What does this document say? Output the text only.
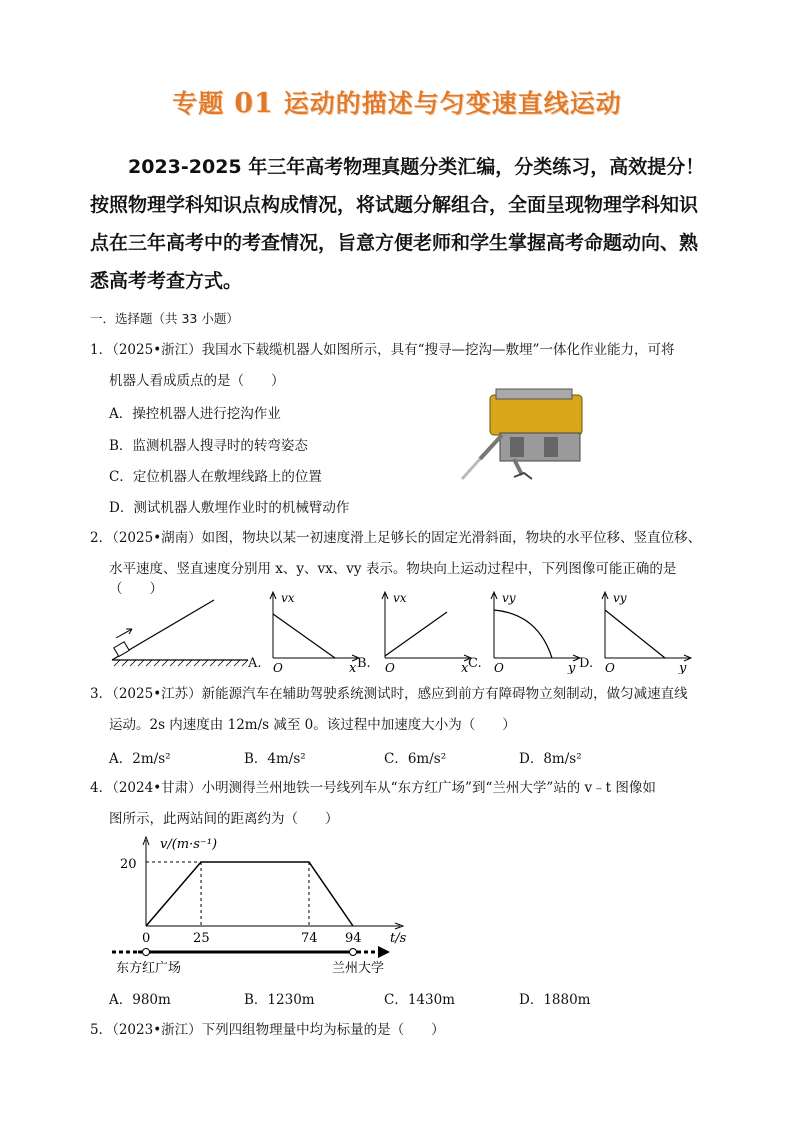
专题 01 运动的描述与匀变速直线运动
2023-2025 年三年高考物理真题分类汇编，分类练习，高效提分！按照物理学科知识点构成情况，将试题分解组合，全面呈现物理学科知识点在三年高考中的考查情况，旨意方便老师和学生掌握高考命题动向、熟悉高考考查方式。
一．选择题（共 33 小题）
1．（2025•浙江）我国水下载缆机器人如图所示，具有“搜寻—挖沟—敷埋”一体化作业能力，可将
机器人看成质点的是（　　）
A．操控机器人进行挖沟作业
B．监测机器人搜寻时的转弯姿态
C．定位机器人在敷埋线路上的位置
D．测试机器人敷埋作业时的机械臂动作
2．（2025•湖南）如图，物块以某一初速度滑上足够长的固定光滑斜面，物块的水平位移、竖直位移、
水平速度、竖直速度分别用 x、y、vx、vy 表示。物块向上运动过程中，下列图像可能正确的是（　　）
A.
vx
O	x B.
vx
O	x C.
vy
O	y D.
vy
O	y
3．（2025•江苏）新能源汽车在辅助驾驶系统测试时，感应到前方有障碍物立刻制动，做匀减速直线
运动。2s 内速度由 12m/s 减至 0。该过程中加速度大小为（　　）
A．2m/s²	B．4m/s²	C．6m/s²	D．8m/s²
4．（2024•甘肃）小明测得兰州地铁一号线列车从“东方红广场”到“兰州大学”站的 v﹣t 图像如
图所示，此两站间的距离约为（　　）
0	25	74 94
v/(m·s⁻¹)
20
t/s
东方红广场	兰州大学
A．980m	B．1230m	C．1430m	D．1880m
5．（2023•浙江）下列四组物理量中均为标量的是（　　）
